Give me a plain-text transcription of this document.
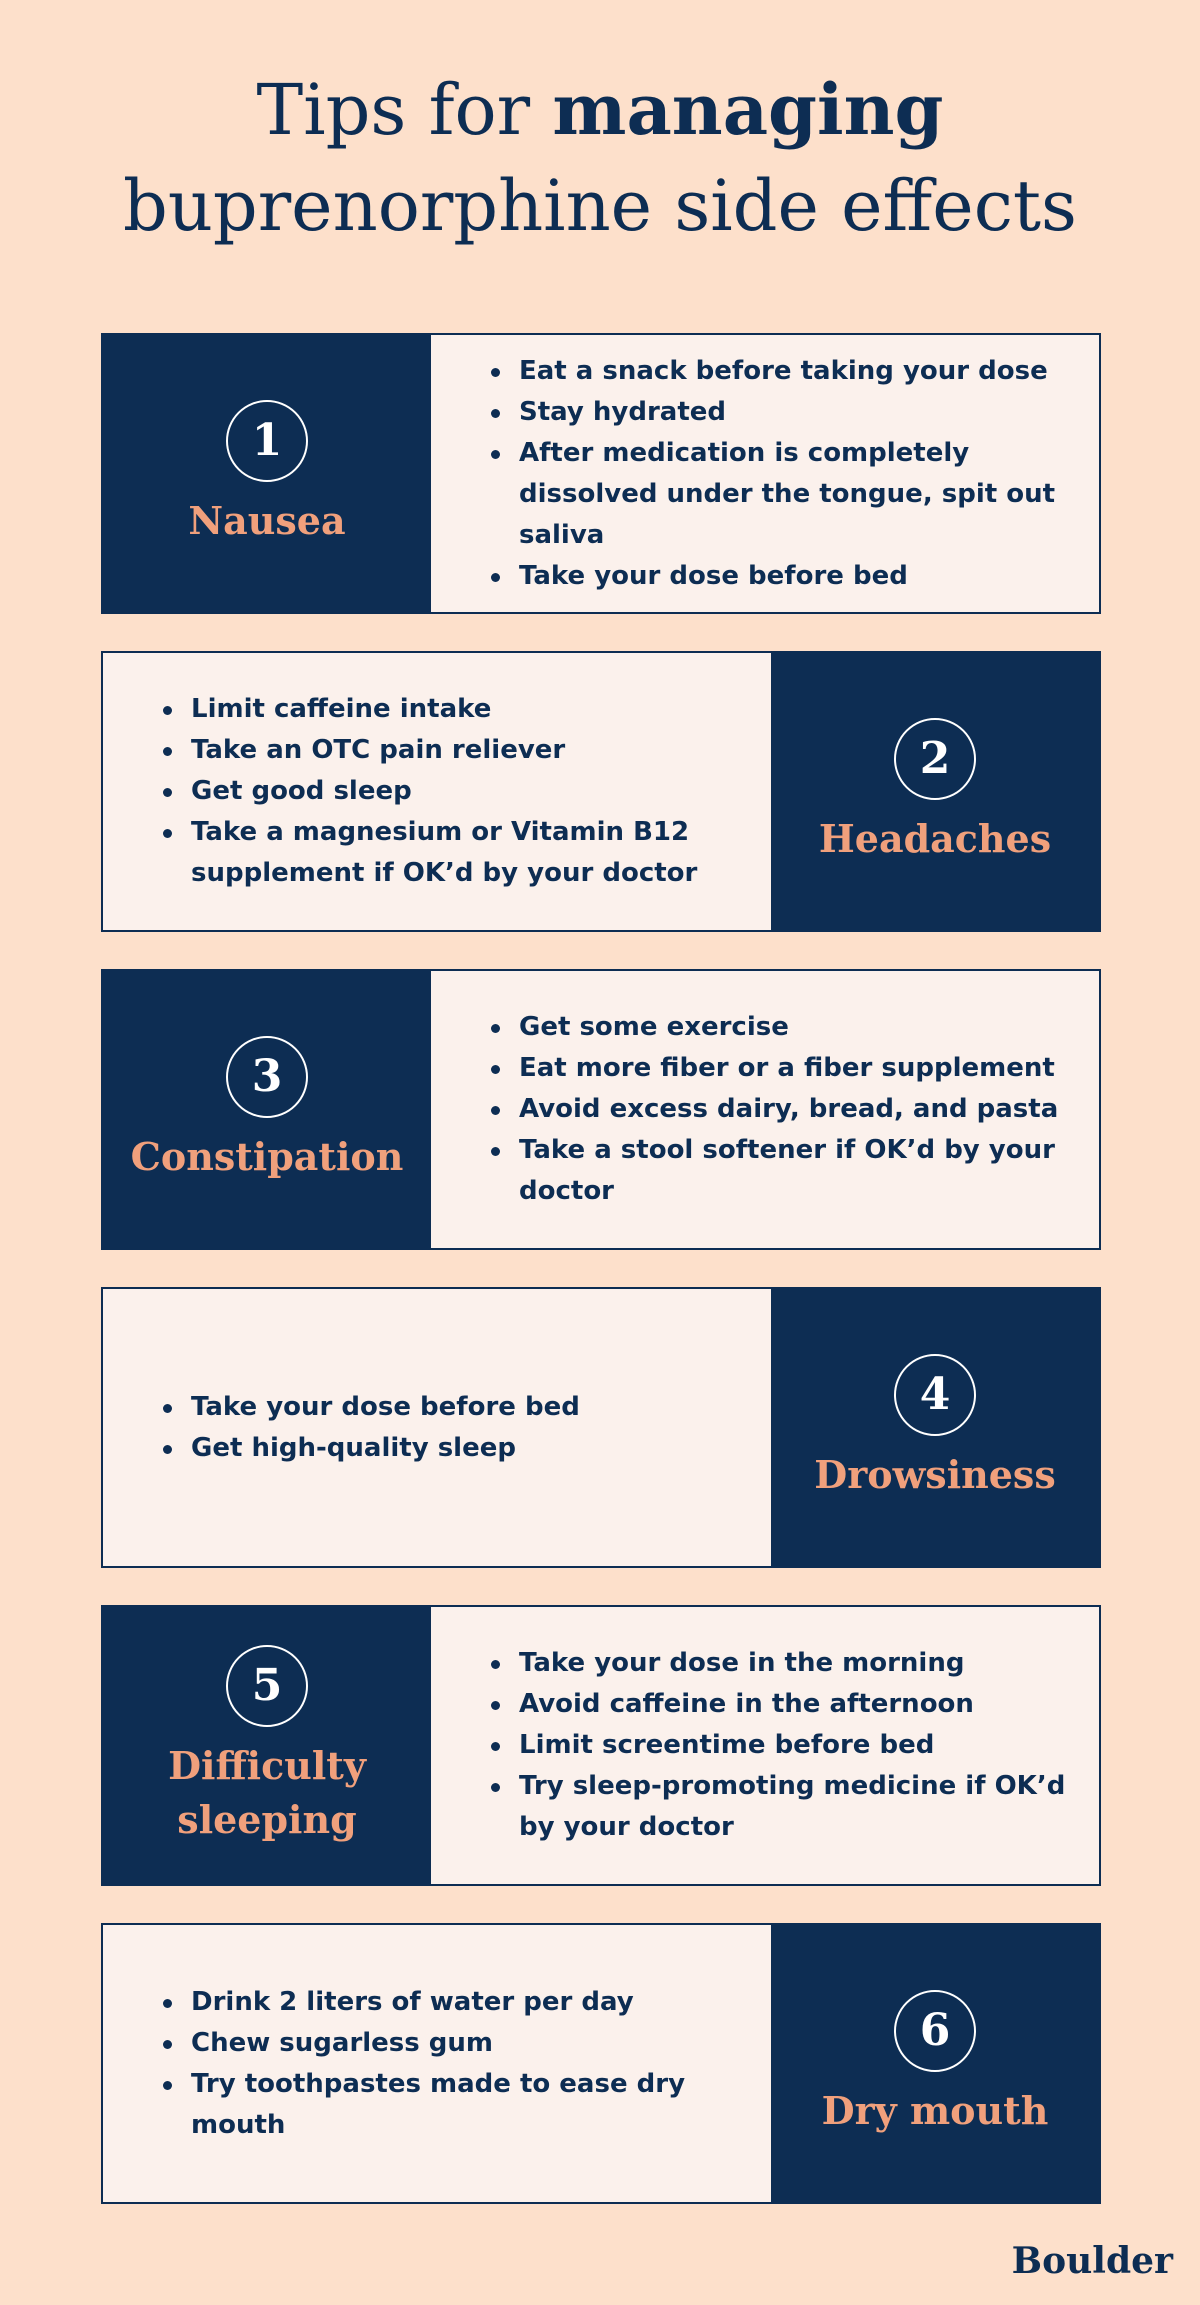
Tips for managing
buprenorphine side effects
1
Nausea
Eat a snack before taking your dose
Stay hydrated
After medication is completely dissolved under the tongue, spit out saliva
Take your dose before bed
2
Headaches
Limit caffeine intake
Take an OTC pain reliever
Get good sleep
Take a magnesium or Vitamin B12 supplement if OK’d by your doctor
3
Constipation
Get some exercise
Eat more fiber or a fiber supplement
Avoid excess dairy, bread, and pasta
Take a stool softener if OK’d by your doctor
4
Drowsiness
Take your dose before bed
Get high-quality sleep
5
Difficulty sleeping
Take your dose in the morning
Avoid caffeine in the afternoon
Limit screentime before bed
Try sleep-promoting medicine if OK’d by your doctor
6
Dry mouth
Drink 2 liters of water per day
Chew sugarless gum
Try toothpastes made to ease dry mouth
Boulder
